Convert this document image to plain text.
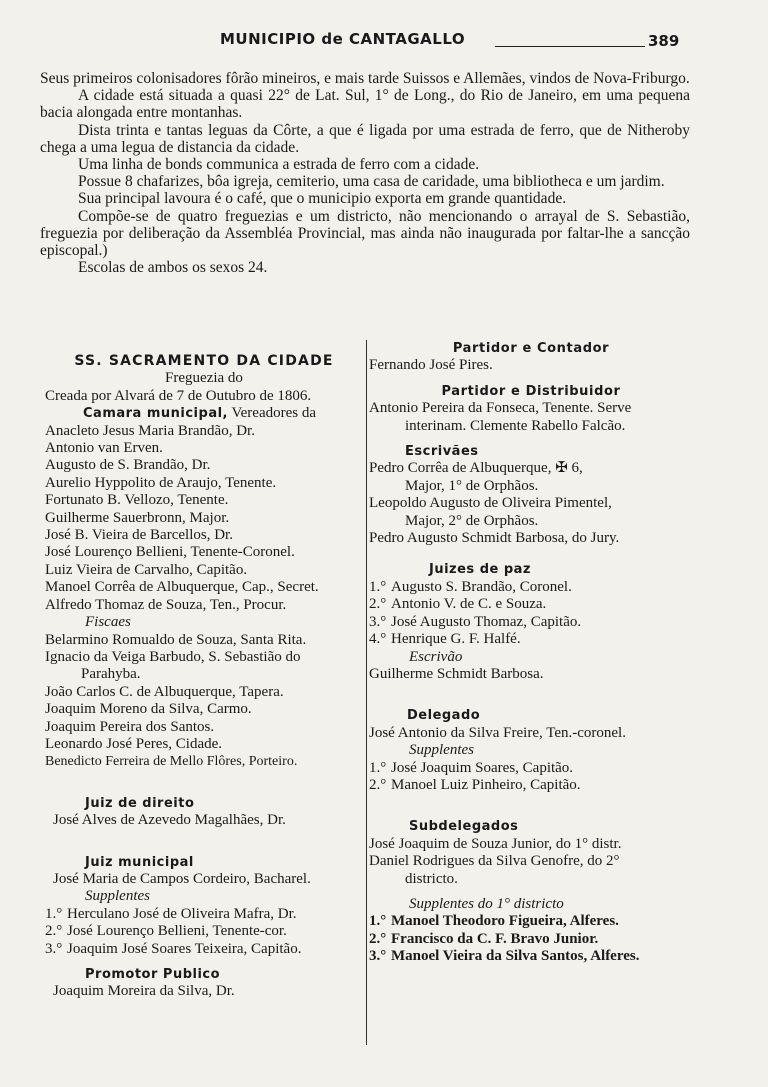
MUNICIPIO de CANTAGALLO	389

Seus primeiros colonisadores fôrão mineiros, e mais tarde Suissos e Allemães, vindos de Nova-Friburgo.

A cidade está situada a quasi 22° de Lat. Sul, 1° de Long., do Rio de Janeiro, em uma pequena bacia alongada entre montanhas.

Dista trinta e tantas leguas da Côrte, a que é ligada por uma estrada de ferro, que de Nitheroby chega a uma legua de distancia da cidade.

Uma linha de bonds communica a estrada de ferro com a cidade.

Possue 8 chafarizes, bôa igreja, cemiterio, uma casa de caridade, uma bibliotheca e um jardim.

Sua principal lavoura é o café, que o municipio exporta em grande quantidade.

Compõe-se de quatro freguezias e um districto, não mencionando o arrayal de S. Sebastião, freguezia por deliberação da Assembléa Provincial, mas ainda não inaugurada por faltar-lhe a sancção episcopal.)

Escolas de ambos os sexos 24.

SS. SACRAMENTO DA CIDADE
Freguezia do
Creada por Alvará de 7 de Outubro de 1806.
Camara municipal, Vereadores da
Anacleto Jesus Maria Brandão, Dr.
Antonio van Erven.
Augusto de S. Brandão, Dr.
Aurelio Hyppolito de Araujo, Tenente.
Fortunato B. Vellozo, Tenente.
Guilherme Sauerbronn, Major.
José B. Vieira de Barcellos, Dr.
José Lourenço Bellieni, Tenente-Coronel.
Luiz Vieira de Carvalho, Capitão.
Manoel Corrêa de Albuquerque, Cap., Secret.
Alfredo Thomaz de Souza, Ten., Procur.
Fiscaes
Belarmino Romualdo de Souza, Santa Rita.
Ignacio da Veiga Barbudo, S. Sebastião do
Parahyba.
João Carlos C. de Albuquerque, Tapera.
Joaquim Moreno da Silva, Carmo.
Joaquim Pereira dos Santos.
Leonardo José Peres, Cidade.
Benedicto Ferreira de Mello Flôres, Porteiro.
Juiz de direito
José Alves de Azevedo Magalhães, Dr.
Juiz municipal
José Maria de Campos Cordeiro, Bacharel.
Supplentes
1.° Herculano José de Oliveira Mafra, Dr.
2.° José Lourenço Bellieni, Tenente-cor.
3.° Joaquim José Soares Teixeira, Capitão.
Promotor Publico
Joaquim Moreira da Silva, Dr.
Partidor e Contador
Fernando José Pires.
Partidor e Distribuidor
Antonio Pereira da Fonseca, Tenente. Serve
interinam. Clemente Rabello Falcão.
Escrivães
Pedro Corrêa de Albuquerque, ✠ 6,
Major, 1° de Orphãos.
Leopoldo Augusto de Oliveira Pimentel,
Major, 2° de Orphãos.
Pedro Augusto Schmidt Barbosa, do Jury.
Juizes de paz
1.° Augusto S. Brandão, Coronel.
2.° Antonio V. de C. e Souza.
3.° José Augusto Thomaz, Capitão.
4.° Henrique G. F. Halfé.
Escrivão
Guilherme Schmidt Barbosa.
Delegado
José Antonio da Silva Freire, Ten.-coronel.
Supplentes
1.° José Joaquim Soares, Capitão.
2.° Manoel Luiz Pinheiro, Capitão.
Subdelegados
José Joaquim de Souza Junior, do 1° distr.
Daniel Rodrigues da Silva Genofre, do 2°
districto.
Supplentes do 1° districto
1.° Manoel Theodoro Figueira, Alferes.
2.° Francisco da C. F. Bravo Junior.
3.° Manoel Vieira da Silva Santos, Alferes.
